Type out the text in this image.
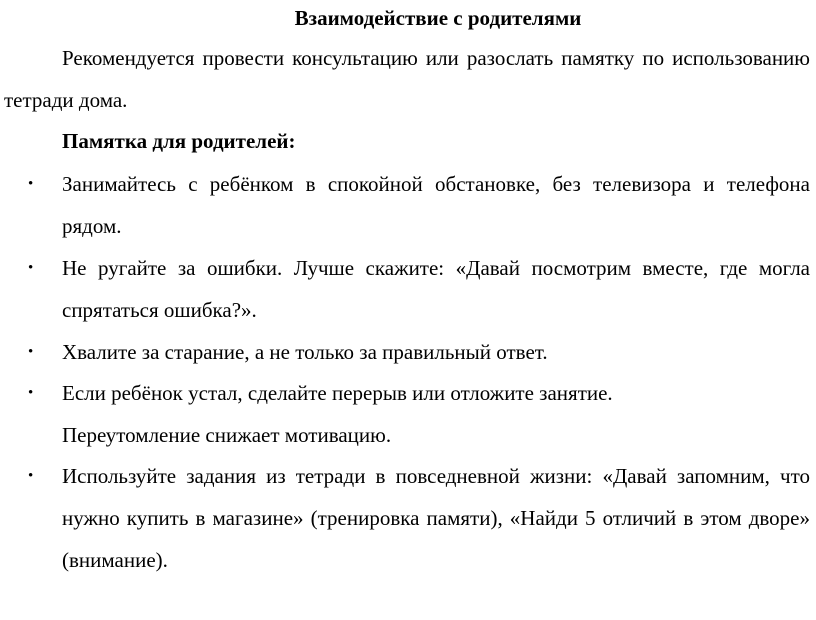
Взаимодействие с родителями

Рекомендуется провести консультацию или разослать памятку по использованию тетради дома.

Памятка для родителей:

• Занимайтесь с ребёнком в спокойной обстановке, без телевизора и телефона рядом.

• Не ругайте за ошибки. Лучше скажите: «Давай посмотрим вместе, где могла спрятаться ошибка?».

• Хвалите за старание, а не только за правильный ответ.

• Если ребёнок устал, сделайте перерыв или отложите занятие.

Переутомление снижает мотивацию.

• Используйте задания из тетради в повседневной жизни: «Давай запомним, что нужно купить в магазине» (тренировка памяти), «Найди 5 отличий в этом дворе» (внимание).
